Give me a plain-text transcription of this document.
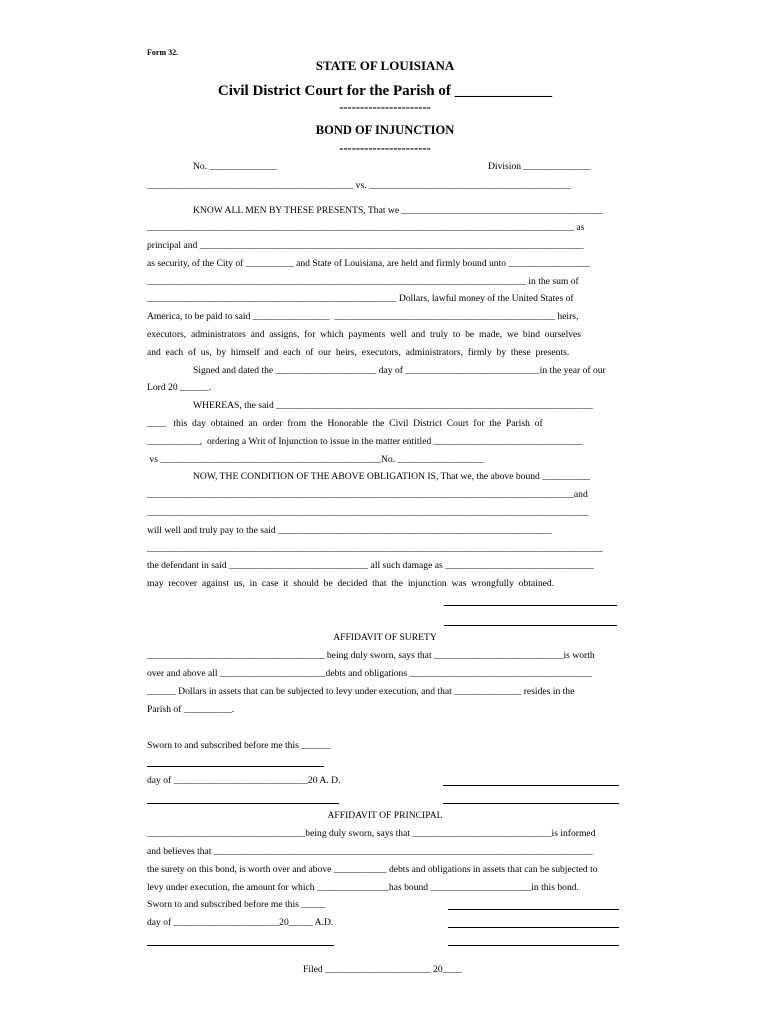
Form 32.
STATE OF LOUISIANA
Civil District Court for the Parish of _____________
----------------------
BOND OF INJUNCTION
----------------------
No. ______________	Division ______________
___________________________________________ vs. __________________________________________
KNOW ALL MEN BY THESE PRESENTS, That we __________________________________________
_________________________________________________________________________________________ as
principal and ________________________________________________________________________________
as security, of the City of __________ and State of Louisiana, are held and firmly bound unto _________________
_______________________________________________________________________________ in the sum of
____________________________________________________ Dollars, lawful money of the United States of
America, to be paid to said ________________  ______________________________________________ heirs,
executors,  administrators  and  assigns,  for  which  payments  well  and  truly  to  be  made,  we  bind  ourselves
and  each  of  us,  by  himself  and  each  of  our  heirs,  executors,  administrators,  firmly  by  these  presents.
Signed and dated the _____________________ day of ____________________________in the year of our
Lord 20 ______.
WHEREAS, the said __________________________________________________________________
____   this  day  obtained  an  order  from  the  Honorable  the  Civil  District  Court  for  the  Parish  of
___________,  ordering a Writ of Injunction to issue in the matter entitled _______________________________
vs ______________________________________________No. __________________
NOW, THE CONDITION OF THE ABOVE OBLIGATION IS, That we, the above bound __________
_________________________________________________________________________________________and
____________________________________________________________________________________________
will well and truly pay to the said _________________________________________________________
_______________________________________________________________________________________________
the defendant in said _____________________________ all such damage as _______________________________
may  recover  against  us,  in  case  it  should  be  decided  that  the  injunction  was  wrongfully  obtained.
AFFIDAVIT OF SURETY
_____________________________________ being duly sworn, says that ___________________________is worth
over and above all ______________________debts and obligations ______________________________________
______ Dollars in assets that can be subjected to levy under execution, and that ______________ resides in the
Parish of __________.
Sworn to and subscribed before me this ______
day of ____________________________20 A. D.
AFFIDAVIT OF PRINCIPAL
_________________________________being duly sworn, says that _____________________________is informed
and believes that _______________________________________________________________________________
the surety on this bond, is worth over and above ___________ debts and obligations in assets that can be subjected to
levy under execution, the amount for which _______________has bound _____________________in this bond.
Sworn to and subscribed before me this _____
day of ______________________20_____ A.D.
Filed ______________________ 20____
